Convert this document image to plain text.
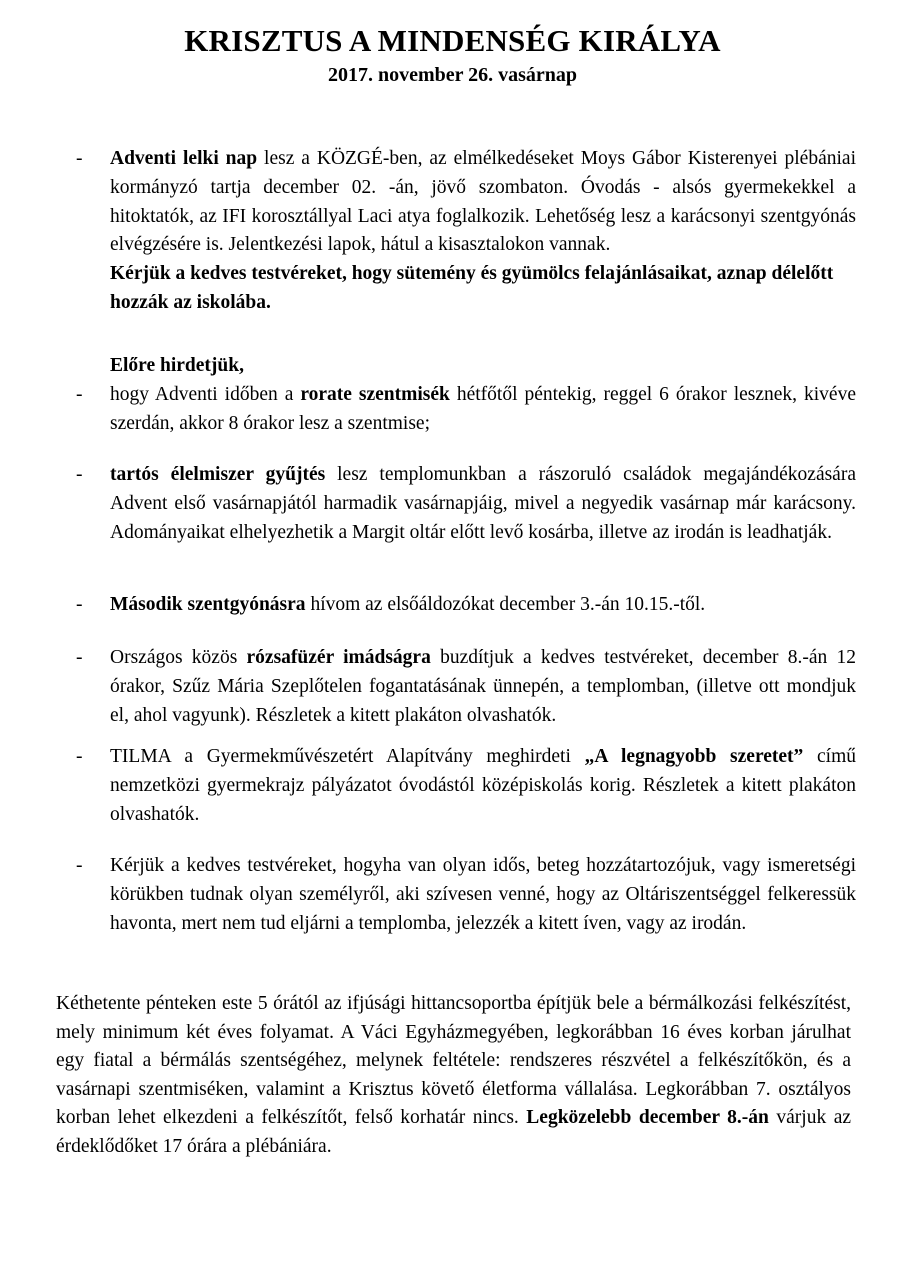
KRISZTUS A MINDENSÉG KIRÁLYA
2017. november 26. vasárnap
-	Adventi lelki nap lesz a KÖZGÉ-ben, az elmélkedéseket Moys Gábor Kisterenyei plébániai kormányzó tartja december 02. -án, jövő szombaton. Óvodás - alsós gyermekekkel a hitoktatók, az IFI korosztállyal Laci atya foglalkozik. Lehetőség lesz a karácsonyi szentgyónás elvégzésére is. Jelentkezési lapok, hátul a kisasztalokon vannak.
Kérjük a kedves testvéreket, hogy sütemény és gyümölcs felajánlásaikat, aznap délelőtt hozzák az iskolába.
Előre hirdetjük,
-	hogy Adventi időben a rorate szentmisék hétfőtől péntekig, reggel 6 órakor lesznek, kivéve szerdán, akkor 8 órakor lesz a szentmise;
-	tartós élelmiszer gyűjtés lesz templomunkban a rászoruló családok megajándékozására Advent első vasárnapjától harmadik vasárnapjáig, mivel a negyedik vasárnap már karácsony. Adományaikat elhelyezhetik a Margit oltár előtt levő kosárba, illetve az irodán is leadhatják.
-	Második szentgyónásra hívom az elsőáldozókat december 3.-án 10.15.-től.
-	Országos közös rózsafüzér imádságra buzdítjuk a kedves testvéreket, december 8.-án 12 órakor, Szűz Mária Szeplőtelen fogantatásának ünnepén, a templomban, (illetve ott mondjuk el, ahol vagyunk). Részletek a kitett plakáton olvashatók.
-	TILMA a Gyermekművészetért Alapítvány meghirdeti „A legnagyobb szeretet” című nemzetközi gyermekrajz pályázatot óvodástól középiskolás korig. Részletek a kitett plakáton olvashatók.
-	Kérjük a kedves testvéreket, hogyha van olyan idős, beteg hozzátartozójuk, vagy ismeretségi körükben tudnak olyan személyről, aki szívesen venné, hogy az Oltáriszentséggel felkeressük havonta, mert nem tud eljárni a templomba, jelezzék a kitett íven, vagy az irodán.
Kéthetente pénteken este 5 órától az ifjúsági hittancsoportba építjük bele a bérmálkozási felkészítést, mely minimum két éves folyamat. A Váci Egyházmegyében, legkorábban 16 éves korban járulhat egy fiatal a bérmálás szentségéhez, melynek feltétele: rendszeres részvétel a felkészítőkön, és a vasárnapi szentmiséken, valamint a Krisztus követő életforma vállalása. Legkorábban 7. osztályos korban lehet elkezdeni a felkészítőt, felső korhatár nincs. Legközelebb december 8.-án várjuk az érdeklődőket 17 órára a plébániára.
